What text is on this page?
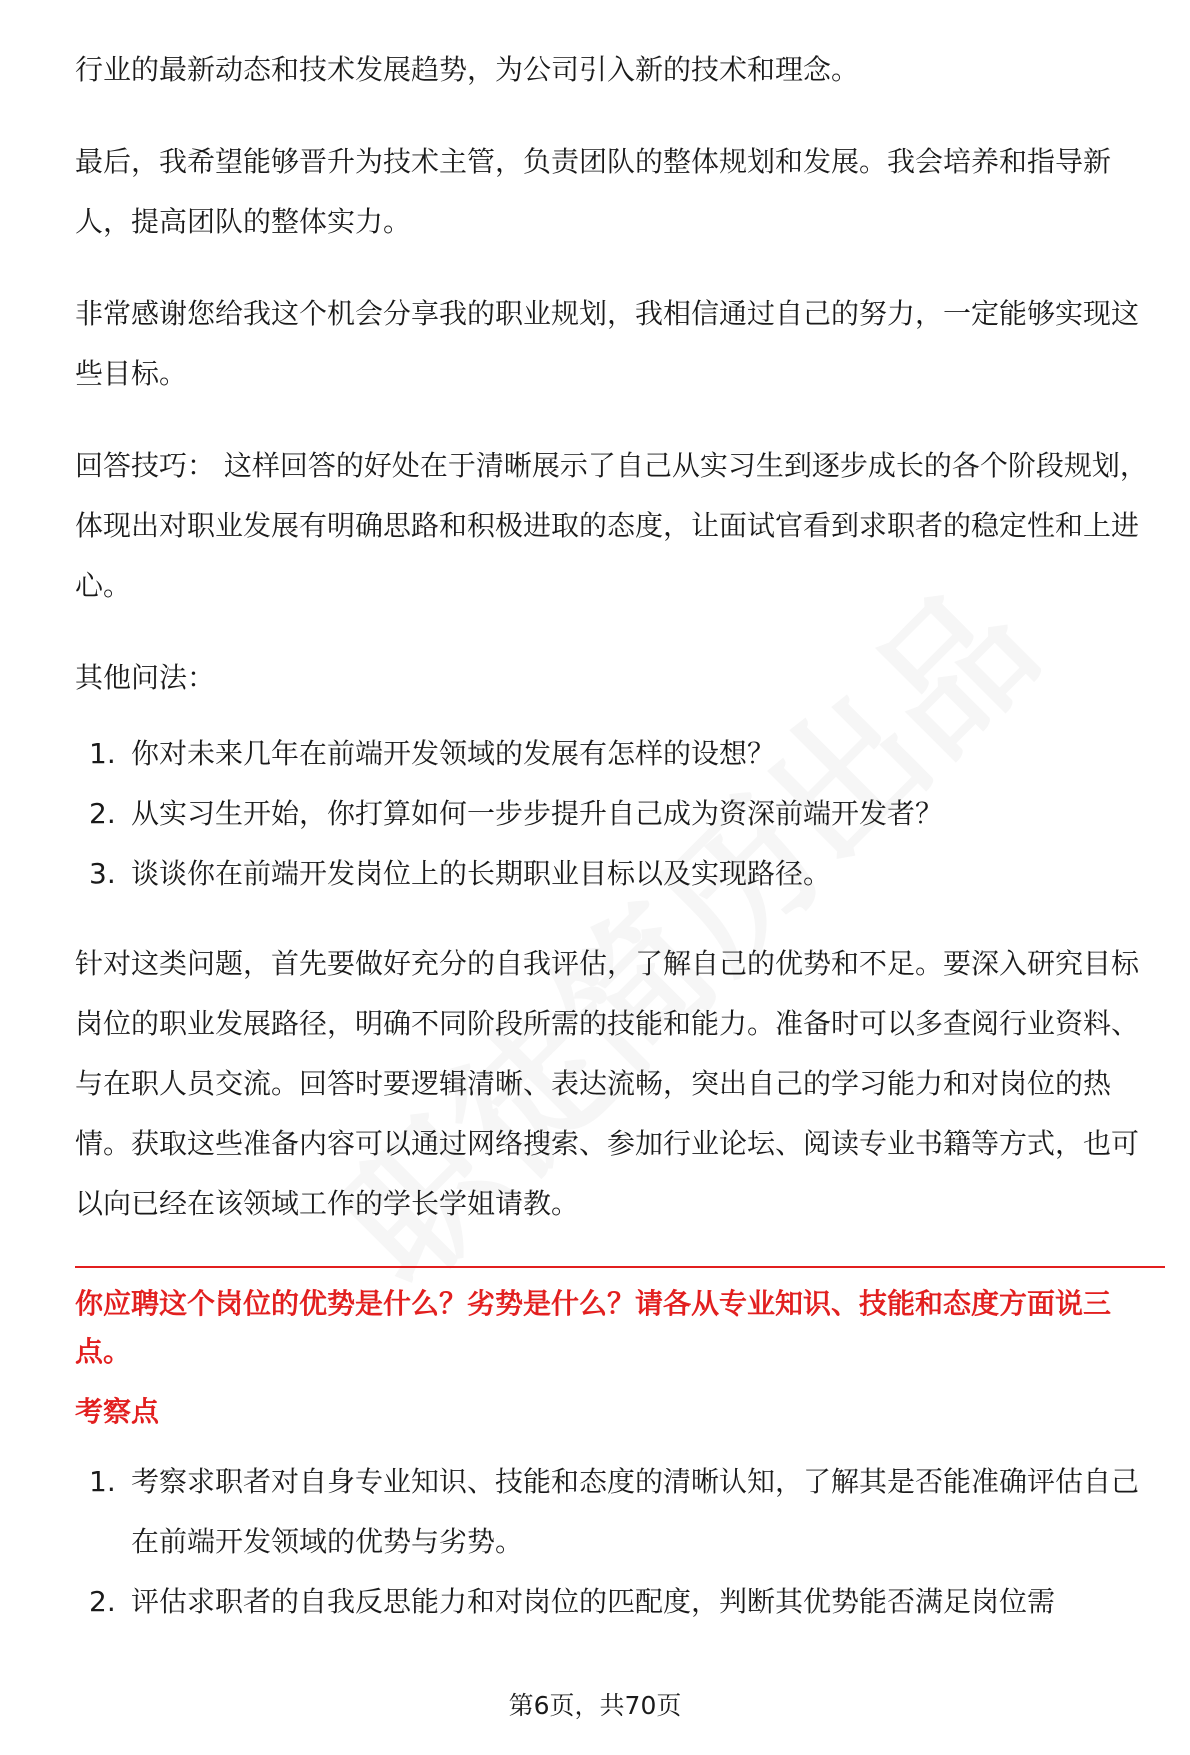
行业的最新动态和技术发展趋势，为公司引入新的技术和理念。

最后，我希望能够晋升为技术主管，负责团队的整体规划和发展。我会培养和指导新人，提高团队的整体实力。

非常感谢您给我这个机会分享我的职业规划，我相信通过自己的努力，一定能够实现这些目标。

回答技巧： 这样回答的好处在于清晰展示了自己从实习生到逐步成长的各个阶段规划，体现出对职业发展有明确思路和积极进取的态度，让面试官看到求职者的稳定性和上进心。

其他问法：

1. 你对未来几年在前端开发领域的发展有怎样的设想？
2. 从实习生开始，你打算如何一步步提升自己成为资深前端开发者？
3. 谈谈你在前端开发岗位上的长期职业目标以及实现路径。

针对这类问题，首先要做好充分的自我评估，了解自己的优势和不足。要深入研究目标岗位的职业发展路径，明确不同阶段所需的技能和能力。准备时可以多查阅行业资料、与在职人员交流。回答时要逻辑清晰、表达流畅，突出自己的学习能力和对岗位的热情。获取这些准备内容可以通过网络搜索、参加行业论坛、阅读专业书籍等方式，也可以向已经在该领域工作的学长学姐请教。

你应聘这个岗位的优势是什么？劣势是什么？请各从专业知识、技能和态度方面说三点。
考察点
1. 考察求职者对自身专业知识、技能和态度的清晰认知，了解其是否能准确评估自己在前端开发领域的优势与劣势。
2. 评估求职者的自我反思能力和对岗位的匹配度，判断其优势能否满足岗位需
第6页，共70页
